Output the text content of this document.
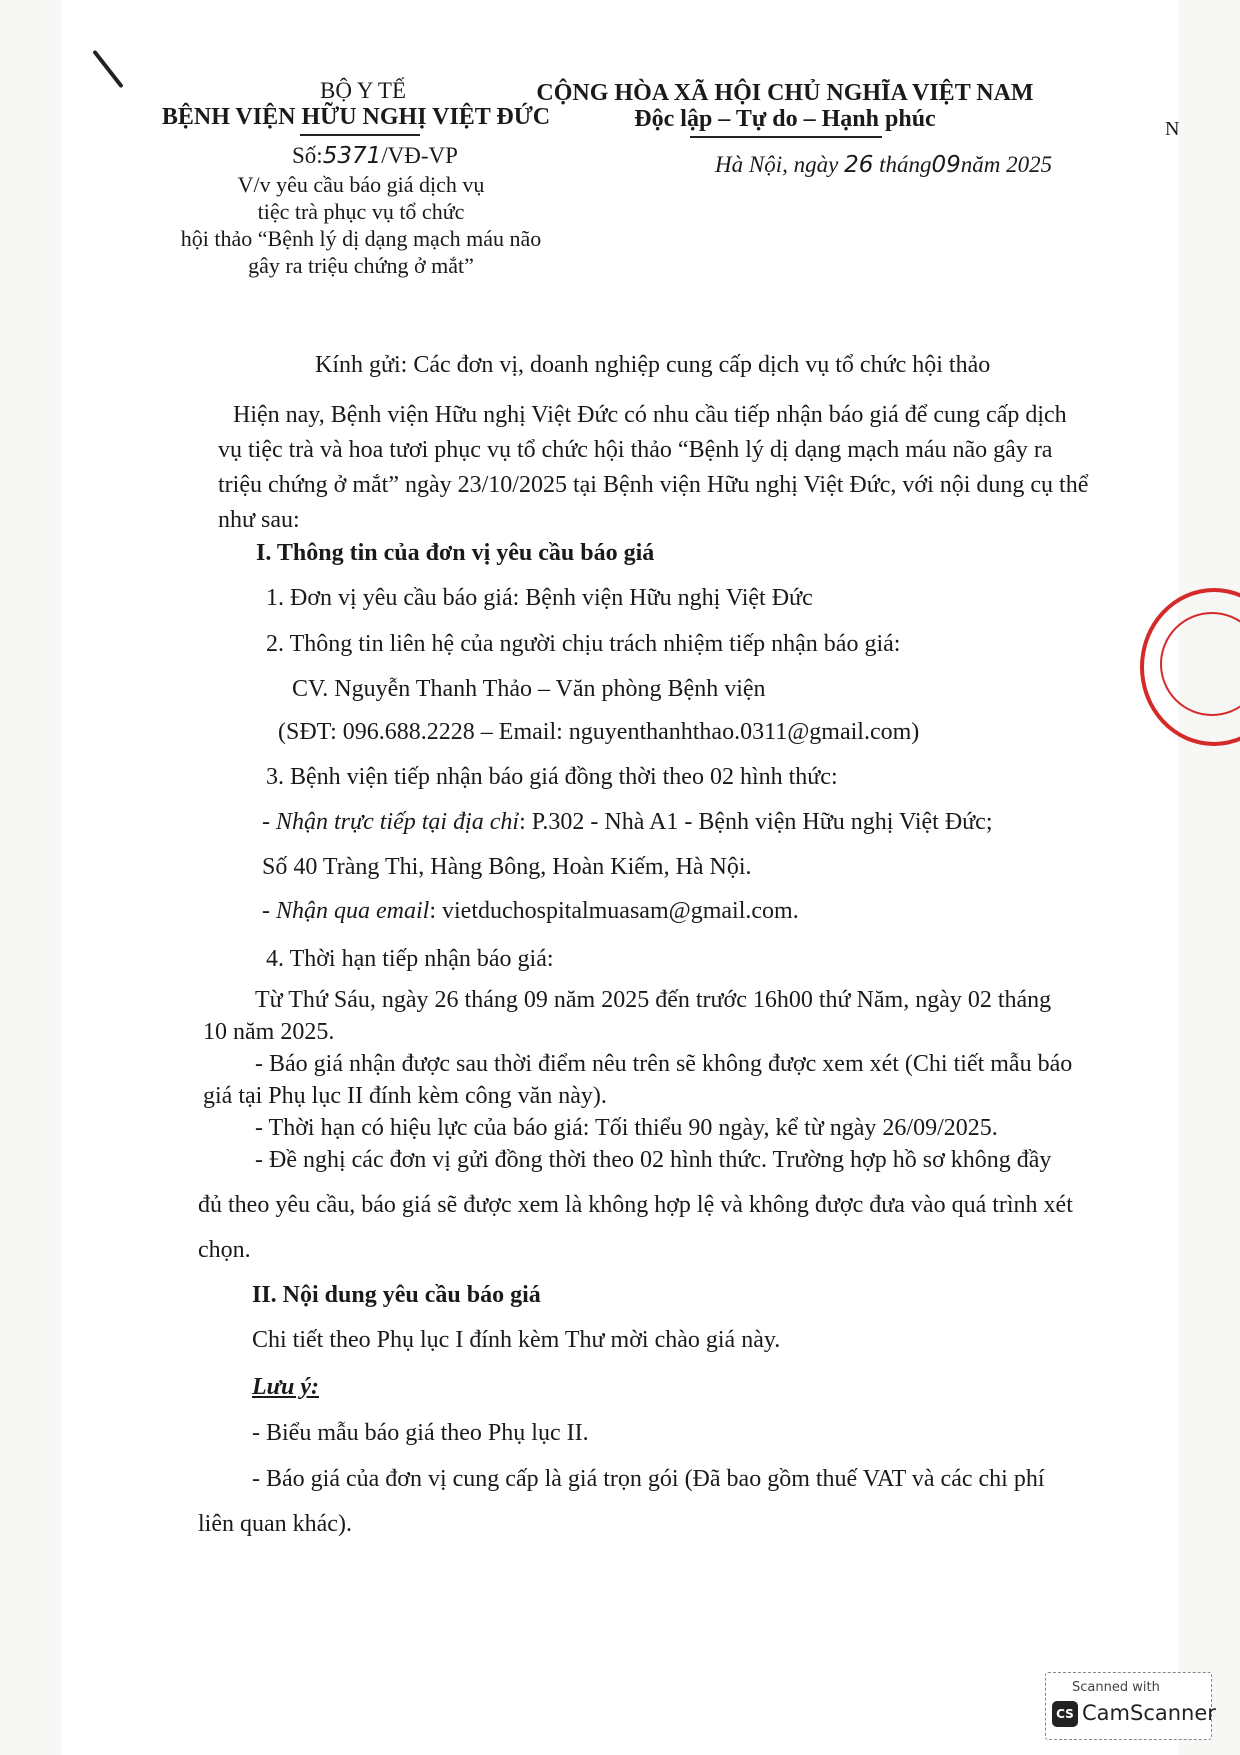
N
BỘ Y TẾ
BỆNH VIỆN HỮU NGHỊ VIỆT ĐỨC
Số:5371/VĐ-VP
V/v yêu cầu báo giá dịch vụ
tiệc trà phục vụ tổ chức
hội thảo “Bệnh lý dị dạng mạch máu não
gây ra triệu chứng ở mắt”
CỘNG HÒA XÃ HỘI CHỦ NGHĨA VIỆT NAM
Độc lập – Tự do – Hạnh phúc
Hà Nội, ngày 26 tháng09năm 2025
Kính gửi: Các đơn vị, doanh nghiệp cung cấp dịch vụ tổ chức hội thảo
Hiện nay, Bệnh viện Hữu nghị Việt Đức có nhu cầu tiếp nhận báo giá để cung cấp dịch
vụ tiệc trà và hoa tươi phục vụ tổ chức hội thảo “Bệnh lý dị dạng mạch máu não gây ra
triệu chứng ở mắt” ngày 23/10/2025 tại Bệnh viện Hữu nghị Việt Đức, với nội dung cụ thể
như sau:
I. Thông tin của đơn vị yêu cầu báo giá
1. Đơn vị yêu cầu báo giá: Bệnh viện Hữu nghị Việt Đức
2. Thông tin liên hệ của người chịu trách nhiệm tiếp nhận báo giá:
CV. Nguyễn Thanh Thảo – Văn phòng Bệnh viện
(SĐT: 096.688.2228 – Email: nguyenthanhthao.0311@gmail.com)
3. Bệnh viện tiếp nhận báo giá đồng thời theo 02 hình thức:
- Nhận trực tiếp tại địa chỉ: P.302 - Nhà A1 - Bệnh viện Hữu nghị Việt Đức;
Số 40 Tràng Thi, Hàng Bông, Hoàn Kiếm, Hà Nội.
- Nhận qua email: vietduchospitalmuasam@gmail.com.
4. Thời hạn tiếp nhận báo giá:
Từ Thứ Sáu, ngày 26 tháng 09 năm 2025 đến trước 16h00 thứ Năm, ngày 02 tháng
10 năm 2025.
- Báo giá nhận được sau thời điểm nêu trên sẽ không được xem xét (Chi tiết mẫu báo
giá tại Phụ lục II đính kèm công văn này).
- Thời hạn có hiệu lực của báo giá: Tối thiểu 90 ngày, kể từ ngày 26/09/2025.
- Đề nghị các đơn vị gửi đồng thời theo 02 hình thức. Trường hợp hồ sơ không đầy
đủ theo yêu cầu, báo giá sẽ được xem là không hợp lệ và không được đưa vào quá trình xét
chọn.
II. Nội dung yêu cầu báo giá
Chi tiết theo Phụ lục I đính kèm Thư mời chào giá này.
Lưu ý:
- Biểu mẫu báo giá theo Phụ lục II.
- Báo giá của đơn vị cung cấp là giá trọn gói (Đã bao gồm thuế VAT và các chi phí
liên quan khác).
Scanned with
CS CamScanner
